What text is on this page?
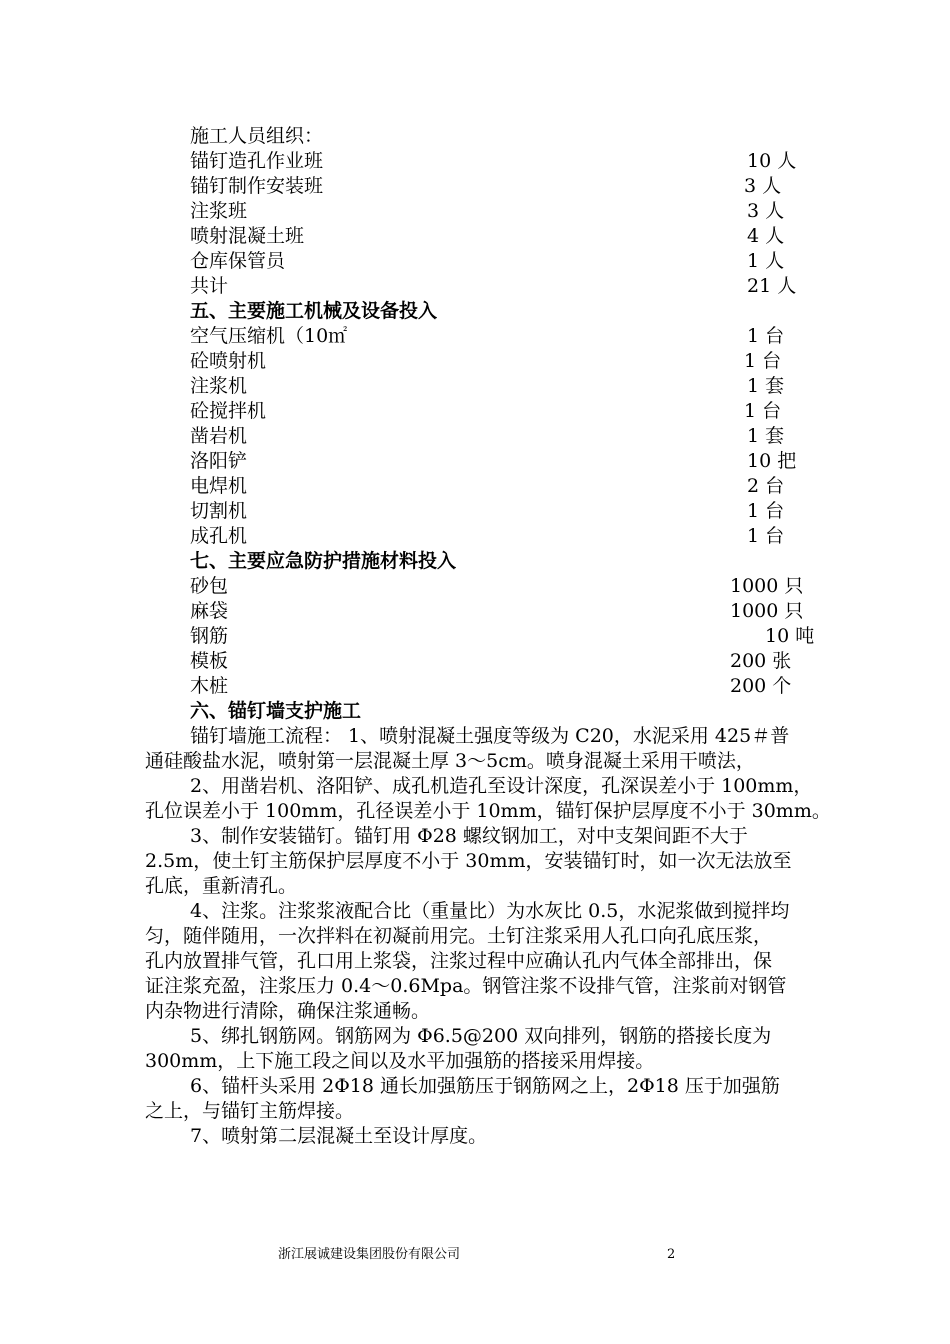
施工人员组织：
锚钉造孔作业班	10 人
锚钉制作安装班	3 人
注浆班	3 人
喷射混凝土班	4 人
仓库保管员	1 人
共计	21 人
五、主要施工机械及设备投入
空气压缩机（10㎡	1 台
砼喷射机	1 台
注浆机	1 套
砼搅拌机	1 台
凿岩机	1 套
洛阳铲	10 把
电焊机	2 台
切割机	1 台
成孔机	1 台
七、主要应急防护措施材料投入
砂包	1000 只
麻袋	1000 只
钢筋	10 吨
模板	200 张
木桩	200 个
六、锚钉墙支护施工

锚钉墙施工流程： 1、喷射混凝土强度等级为 C20，水泥采用 425＃普

通硅酸盐水泥，喷射第一层混凝土厚 3～5cm。喷身混凝土采用干喷法，

2、用凿岩机、洛阳铲、成孔机造孔至设计深度，孔深误差小于 100mm，

孔位误差小于 100mm，孔径误差小于 10mm，锚钉保护层厚度不小于 30mm。

3、制作安装锚钉。锚钉用 Φ28 螺纹钢加工，对中支架间距不大于

2.5m，使土钉主筋保护层厚度不小于 30mm，安装锚钉时，如一次无法放至

孔底，重新清孔。

4、注浆。注浆浆液配合比（重量比）为水灰比 0.5，水泥浆做到搅拌均

匀，随伴随用，一次拌料在初凝前用完。土钉注浆采用人孔口向孔底压浆，

孔内放置排气管，孔口用上浆袋，注浆过程中应确认孔内气体全部排出，保

证注浆充盈，注浆压力 0.4～0.6Mpa。钢管注浆不设排气管，注浆前对钢管

内杂物进行清除，确保注浆通畅。

5、绑扎钢筋网。钢筋网为 Φ6.5@200 双向排列，钢筋的搭接长度为

300mm，上下施工段之间以及水平加强筋的搭接采用焊接。

6、锚杆头采用 2Φ18 通长加强筋压于钢筋网之上，2Φ18 压于加强筋

之上，与锚钉主筋焊接。

7、喷射第二层混凝土至设计厚度。

浙江展诚建设集团股份有限公司	2
